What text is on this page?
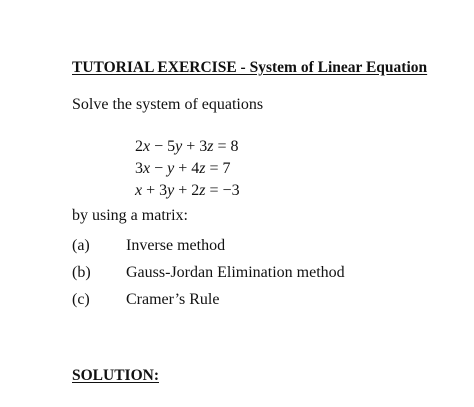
TUTORIAL EXERCISE - System of Linear Equation
Solve the system of equations
2x − 5y + 3z = 8
3x − y + 4z = 7
x + 3y + 2z = −3
by using a matrix:
(a) Inverse method
(b) Gauss-Jordan Elimination method
(c) Cramer’s Rule
SOLUTION:
